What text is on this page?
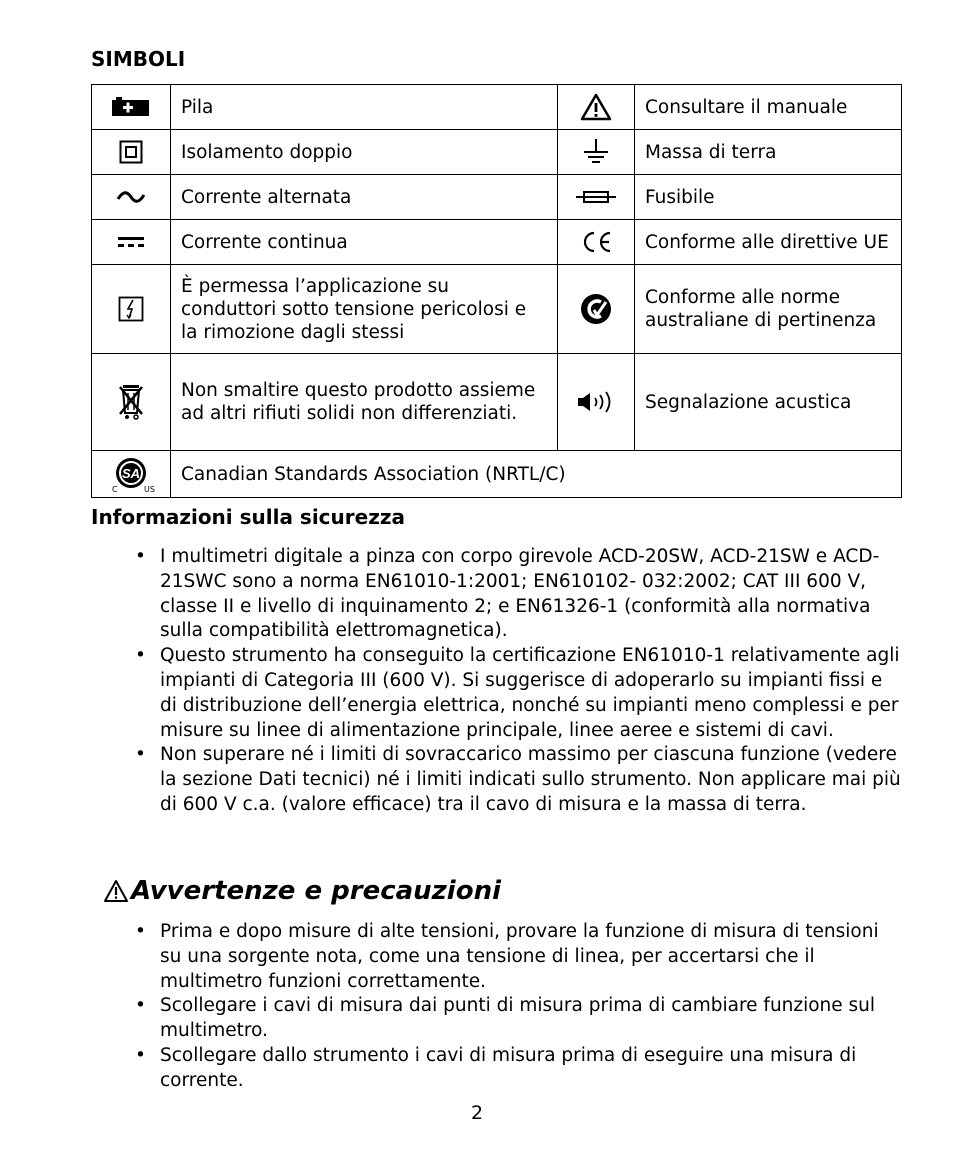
SIMBOLI
	Pila		Consultare il manuale

	Isolamento doppio		Massa di terra

	Corrente alternata		Fusibile

	Corrente continua		Conforme alle direttive UE

	È permessa l’applicazione su conduttori sotto tensione pericolosi e la rimozione dagli stessi		Conforme alle norme australiane di pertinenza

	Non smaltire questo prodotto assieme ad altri rifiuti solidi non differenziati.		Segnalazione acustica

SA
C US	Canadian Standards Association (NRTL/C)		
Informazioni sulla sicurezza
• I multimetri digitale a pinza con corpo girevole ACD-20SW, ACD-21SW e ACD-21SWC sono a norma EN61010-1:2001; EN610102- 032:2002; CAT III 600 V, classe II e livello di inquinamento 2; e EN61326-1 (conformità alla normativa sulla compatibilità elettromagnetica).
• Questo strumento ha conseguito la certificazione EN61010-1 relativamente agli impianti di Categoria III (600 V). Si suggerisce di adoperarlo su impianti fissi e di distribuzione dell’energia elettrica, nonché su impianti meno complessi e per misure su linee di alimentazione principale, linee aeree e sistemi di cavi.
• Non superare né i limiti di sovraccarico massimo per ciascuna funzione (vedere la sezione Dati tecnici) né i limiti indicati sullo strumento. Non applicare mai più di 600 V c.a. (valore efficace) tra il cavo di misura e la massa di terra.
Avvertenze e precauzioni
• Prima e dopo misure di alte tensioni, provare la funzione di misura di tensioni su una sorgente nota, come una tensione di linea, per accertarsi che il multimetro funzioni correttamente.
• Scollegare i cavi di misura dai punti di misura prima di cambiare funzione sul multimetro.
• Scollegare dallo strumento i cavi di misura prima di eseguire una misura di corrente.
2
